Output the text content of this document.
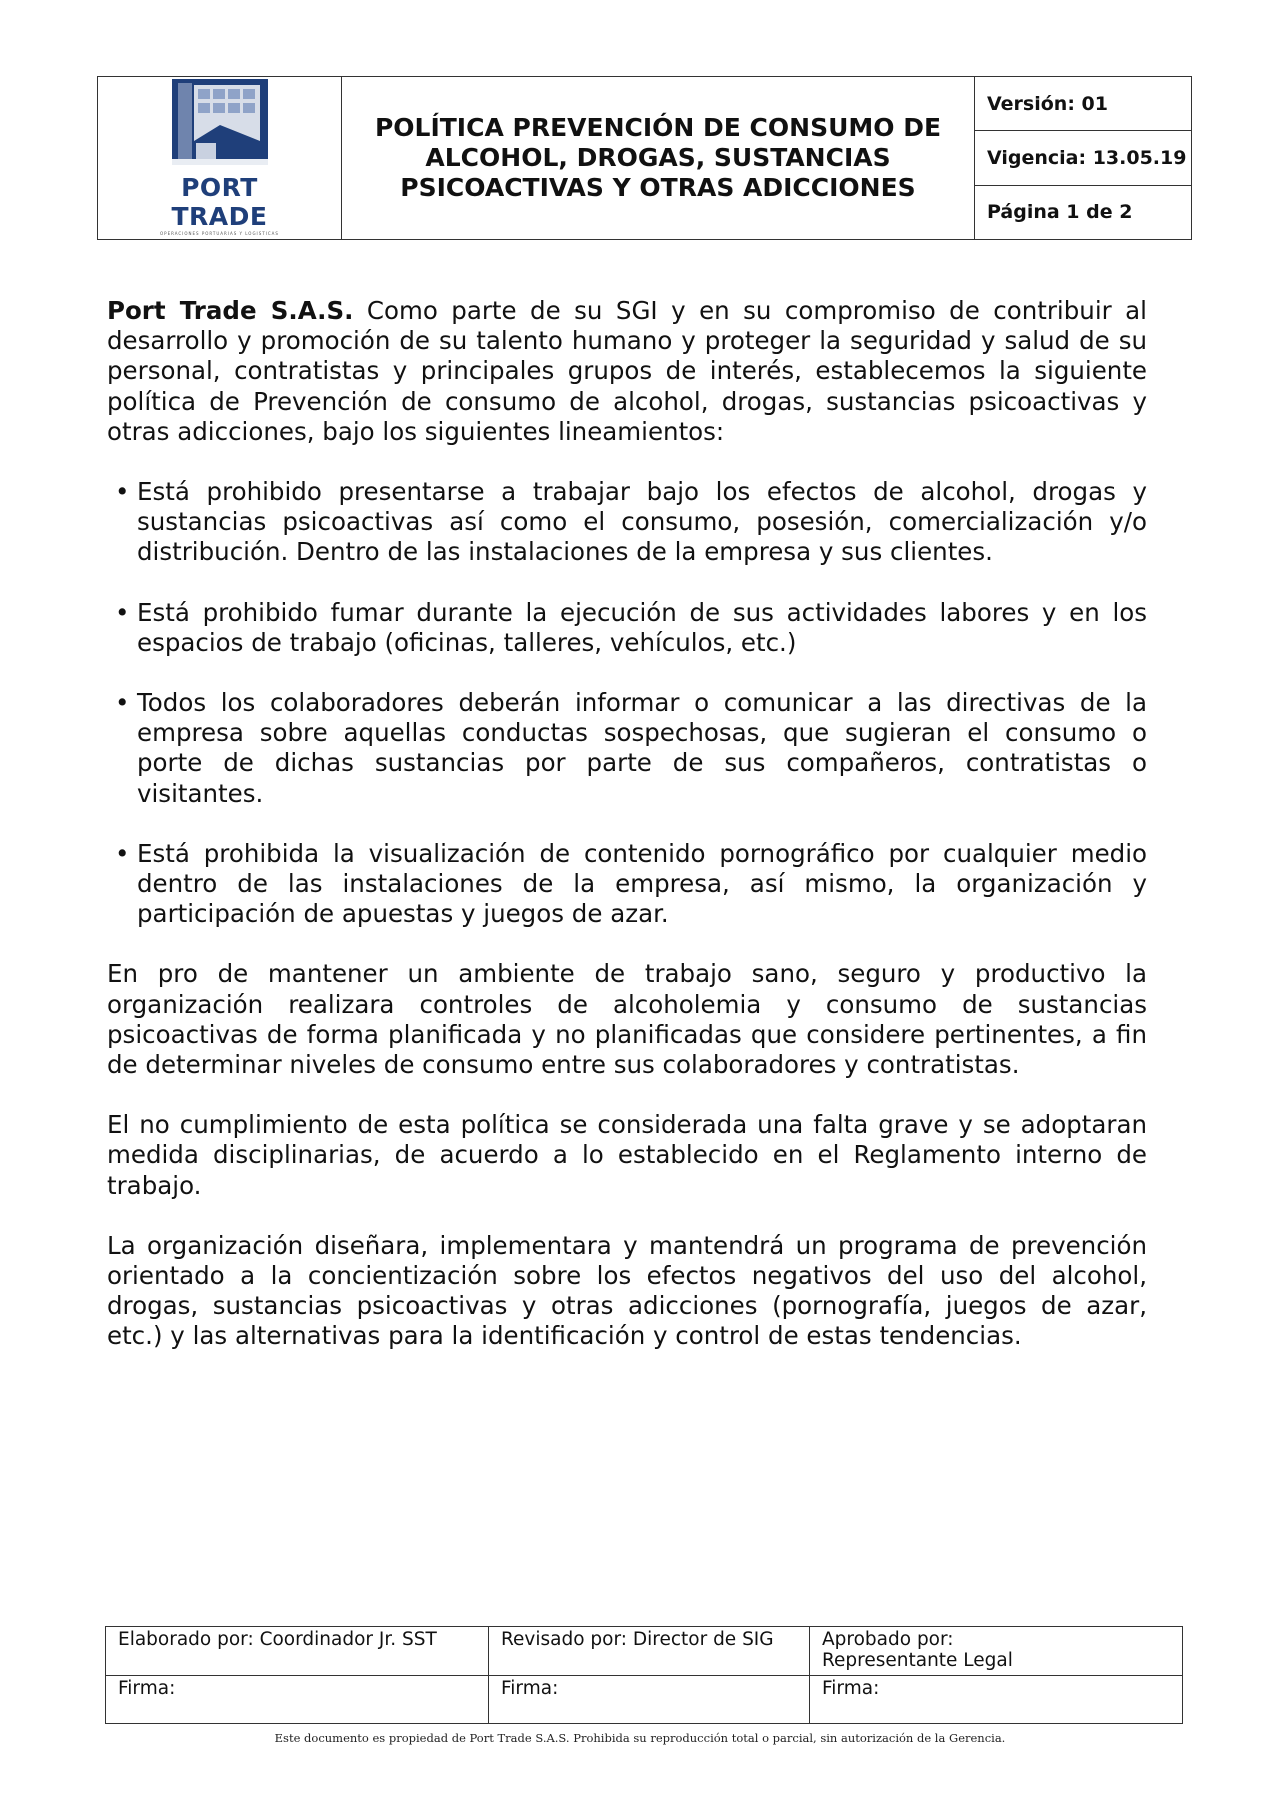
PORT TRADE
OPERACIONES PORTUARIAS Y LOGISTICAS

POLÍTICA PREVENCIÓN DE CONSUMO DE
ALCOHOL, DROGAS, SUSTANCIAS
PSICOACTIVAS Y OTRAS ADICCIONES
	Versión: 01
Vigencia: 13.05.19
Página 1 de 2

Port Trade S.A.S. Como parte de su SGI y en su compromiso de contribuir al desarrollo y promoción de su talento humano y proteger la seguridad y salud de su personal, contratistas y principales grupos de interés, establecemos la siguiente política de Prevención de consumo de alcohol, drogas, sustancias psicoactivas y otras adicciones, bajo los siguientes lineamientos:

• Está prohibido presentarse a trabajar bajo los efectos de alcohol, drogas y sustancias psicoactivas así como el consumo, posesión, comercialización y/o distribución. Dentro de las instalaciones de la empresa y sus clientes.
• Está prohibido fumar durante la ejecución de sus actividades labores y en los espacios de trabajo (oficinas, talleres, vehículos, etc.)
• Todos los colaboradores deberán informar o comunicar a las directivas de la empresa sobre aquellas conductas sospechosas, que sugieran el consumo o porte de dichas sustancias por parte de sus compañeros, contratistas o visitantes.
• Está prohibida la visualización de contenido pornográfico por cualquier medio dentro de las instalaciones de la empresa, así mismo, la organización y participación de apuestas y juegos de azar.

En pro de mantener un ambiente de trabajo sano, seguro y productivo la organización realizara controles de alcoholemia y consumo de sustancias psicoactivas de forma planificada y no planificadas que considere pertinentes, a fin de determinar niveles de consumo entre sus colaboradores y contratistas.

El no cumplimiento de esta política se considerada una falta grave y se adoptaran medida disciplinarias, de acuerdo a lo establecido en el Reglamento interno de trabajo.

La organización diseñara, implementara y mantendrá un programa de prevención orientado a la concientización sobre los efectos negativos del uso del alcohol, drogas, sustancias psicoactivas y otras adicciones (pornografía, juegos de azar, etc.) y las alternativas para la identificación y control de estas tendencias.

Elaborado por: Coordinador Jr. SST	Revisado por: Director de SIG	Aprobado por:
Representante Legal

Firma:	Firma:	Firma:
Este documento es propiedad de Port Trade S.A.S. Prohibida su reproducción total o parcial, sin autorización de la Gerencia.
